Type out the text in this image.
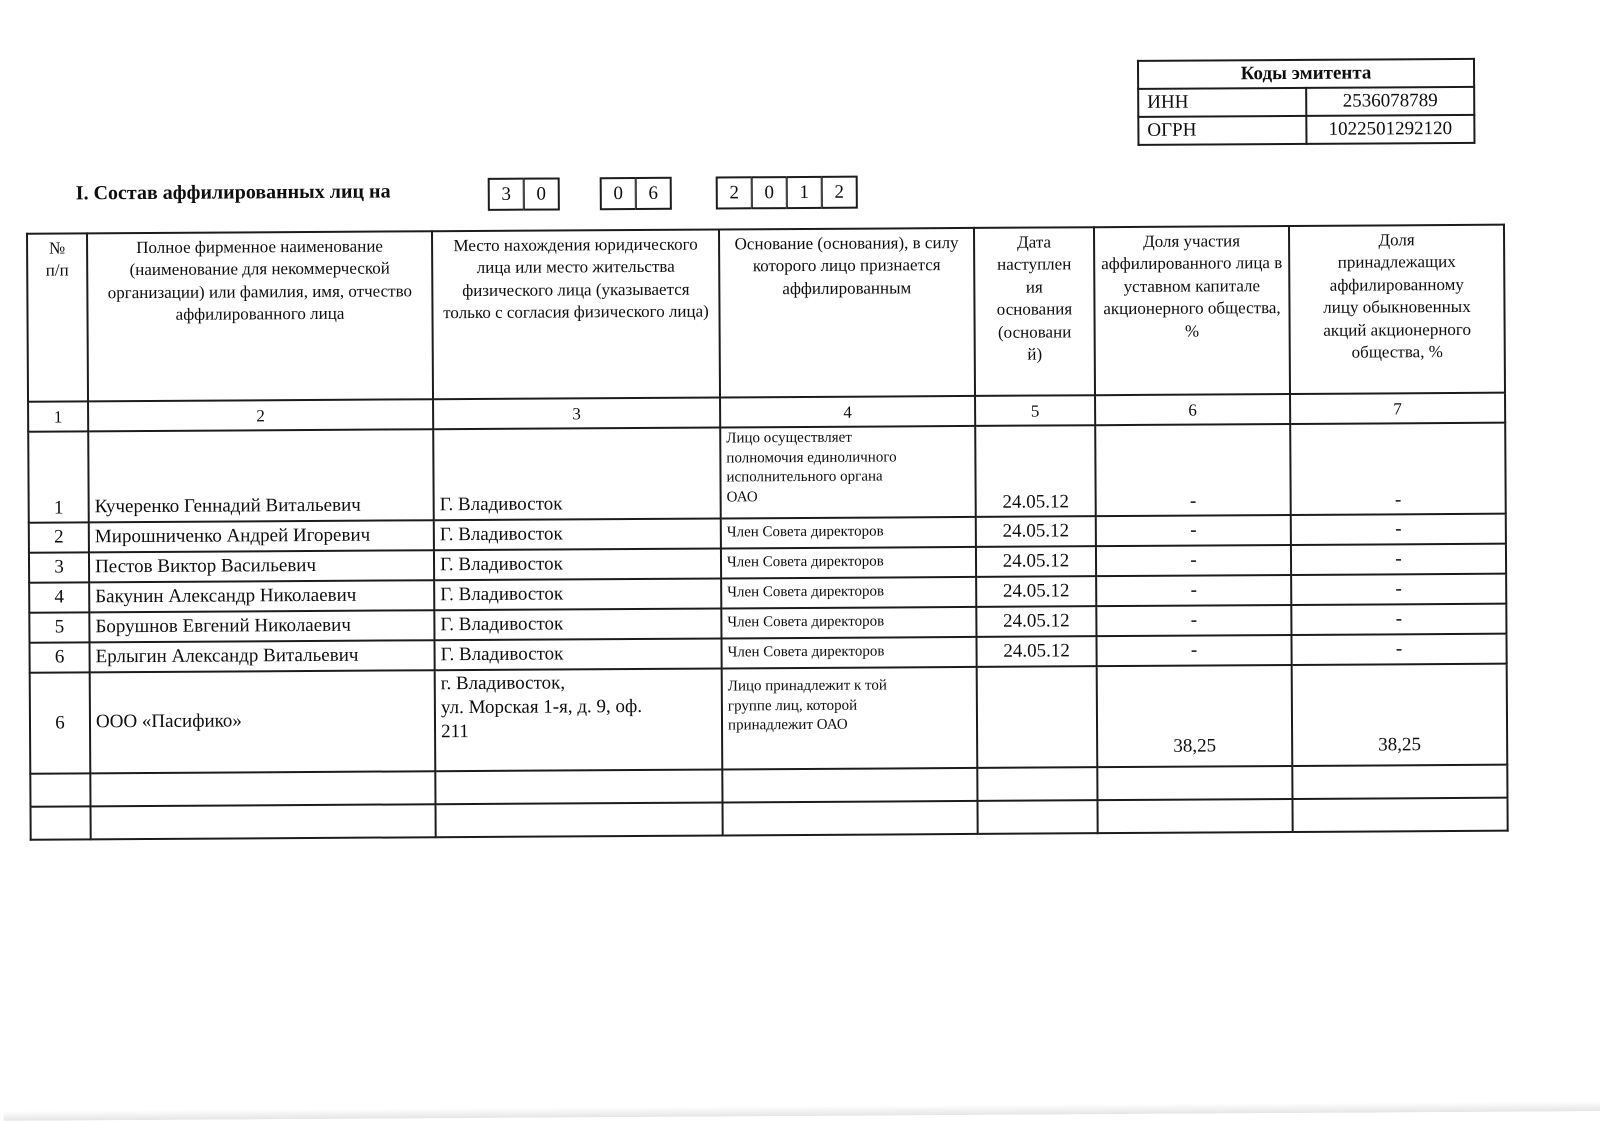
Коды эмитента	
ИНН	2536078789
ОГРН	1022501292120
I. Состав аффилированных лиц на	3	0	0	6	2	0	1	2
№
п/п	Полное фирменное наименование (наименование для некоммерческой организации) или фамилия, имя, отчество аффилированного лица	Место нахождения юридического лица или место жительства физического лица (указывается только с согласия физического лица)	Основание (основания), в силу которого лицо признается аффилированным	Дата
наступлен
ия
основания
(основани
й)	Доля участия аффилированного лица в уставном капитале акционерного общества, %	Доля
принадлежащих
аффилированному
лицу обыкновенных
акций акционерного
общества, %
1	2	3	4	5	6	7
1	Кучеренко Геннадий Витальевич	Г. Владивосток	Лицо осуществляет
полномочия единоличного
исполнительного органа
ОАО	24.05.12	-	-
2	Мирошниченко Андрей Игоревич	Г. Владивосток	Член Совета директоров	24.05.12	-	-
3	Пестов Виктор Васильевич	Г. Владивосток	Член Совета директоров	24.05.12	-	-
4	Бакунин Александр Николаевич	Г. Владивосток	Член Совета директоров	24.05.12	-	-
5	Борушнов Евгений Николаевич	Г. Владивосток	Член Совета директоров	24.05.12	-	-
6	Ерлыгин Александр Витальевич	Г. Владивосток	Член Совета директоров	24.05.12	-	-
6	ООО «Пасифико»	г. Владивосток,
ул. Морская 1-я, д. 9, оф.
211	Лицо принадлежит к той
группе лиц, которой
принадлежит ОАО		38,25	38,25
